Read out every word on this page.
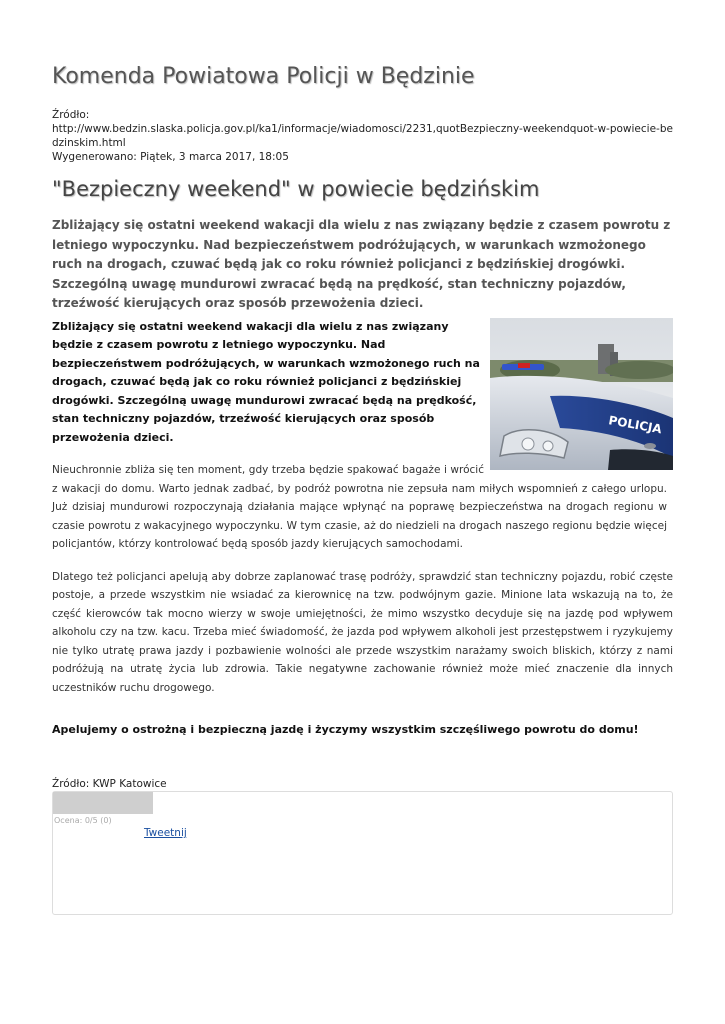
Komenda Powiatowa Policji w Będzinie

Źródło:

http://www.bedzin.slaska.policja.gov.pl/ka1/informacje/wiadomosci/2231,quotBezpieczny-weekendquot-w-powiecie-bedzinskim.html

Wygenerowano: Piątek, 3 marca 2017, 18:05

"Bezpieczny weekend" w powiecie będzińskim

Zbliżający się ostatni weekend wakacji dla wielu z nas związany będzie z czasem powrotu z letniego wypoczynku. Nad bezpieczeństwem podróżujących, w warunkach wzmożonego ruch na drogach, czuwać będą jak co roku również policjanci z będzińskiej drogówki. Szczególną uwagę mundurowi zwracać będą na prędkość, stan techniczny pojazdów, trzeźwość kierujących oraz sposób przewożenia dzieci.

POLICJA

Zbliżający się ostatni weekend wakacji dla wielu z nas związany będzie z czasem powrotu z letniego wypoczynku. Nad bezpieczeństwem podróżujących, w warunkach wzmożonego ruch na drogach, czuwać będą jak co roku również policjanci z będzińskiej drogówki. Szczególną uwagę mundurowi zwracać będą na prędkość, stan techniczny pojazdów, trzeźwość kierujących oraz sposób przewożenia dzieci.

Nieuchronnie zbliża się ten moment, gdy trzeba będzie spakować bagaże i wrócić z wakacji do domu. Warto jednak zadbać, by podróż powrotna nie zepsuła nam miłych wspomnień z całego urlopu. Już dzisiaj mundurowi rozpoczynają działania mające wpłynąć na poprawę bezpieczeństwa na drogach regionu w czasie powrotu z wakacyjnego wypoczynku. W tym czasie, aż do niedzieli na drogach naszego regionu będzie więcej policjantów, którzy kontrolować będą sposób jazdy kierujących samochodami.

Dlatego też policjanci apelują aby dobrze zaplanować trasę podróży, sprawdzić stan techniczny pojazdu, robić częste postoje, a przede wszystkim nie wsiadać za kierownicę na tzw. podwójnym gazie. Minione lata wskazują na to, że część kierowców tak mocno wierzy w swoje umiejętności, że mimo wszystko decyduje się na jazdę pod wpływem alkoholu czy na tzw. kacu. Trzeba mieć świadomość, że jazda pod wpływem alkoholi jest przestępstwem i ryzykujemy nie tylko utratę prawa jazdy i pozbawienie wolności ale przede wszystkim narażamy swoich bliskich, którzy z nami podróżują na utratę życia lub zdrowia. Takie negatywne zachowanie również może mieć znaczenie dla innych uczestników ruchu drogowego.

Apelujemy o ostrożną i bezpieczną jazdę i życzymy wszystkim szczęśliwego powrotu do domu!

Źródło: KWP Katowice

Ocena: 0/5 (0)
Tweetnij
